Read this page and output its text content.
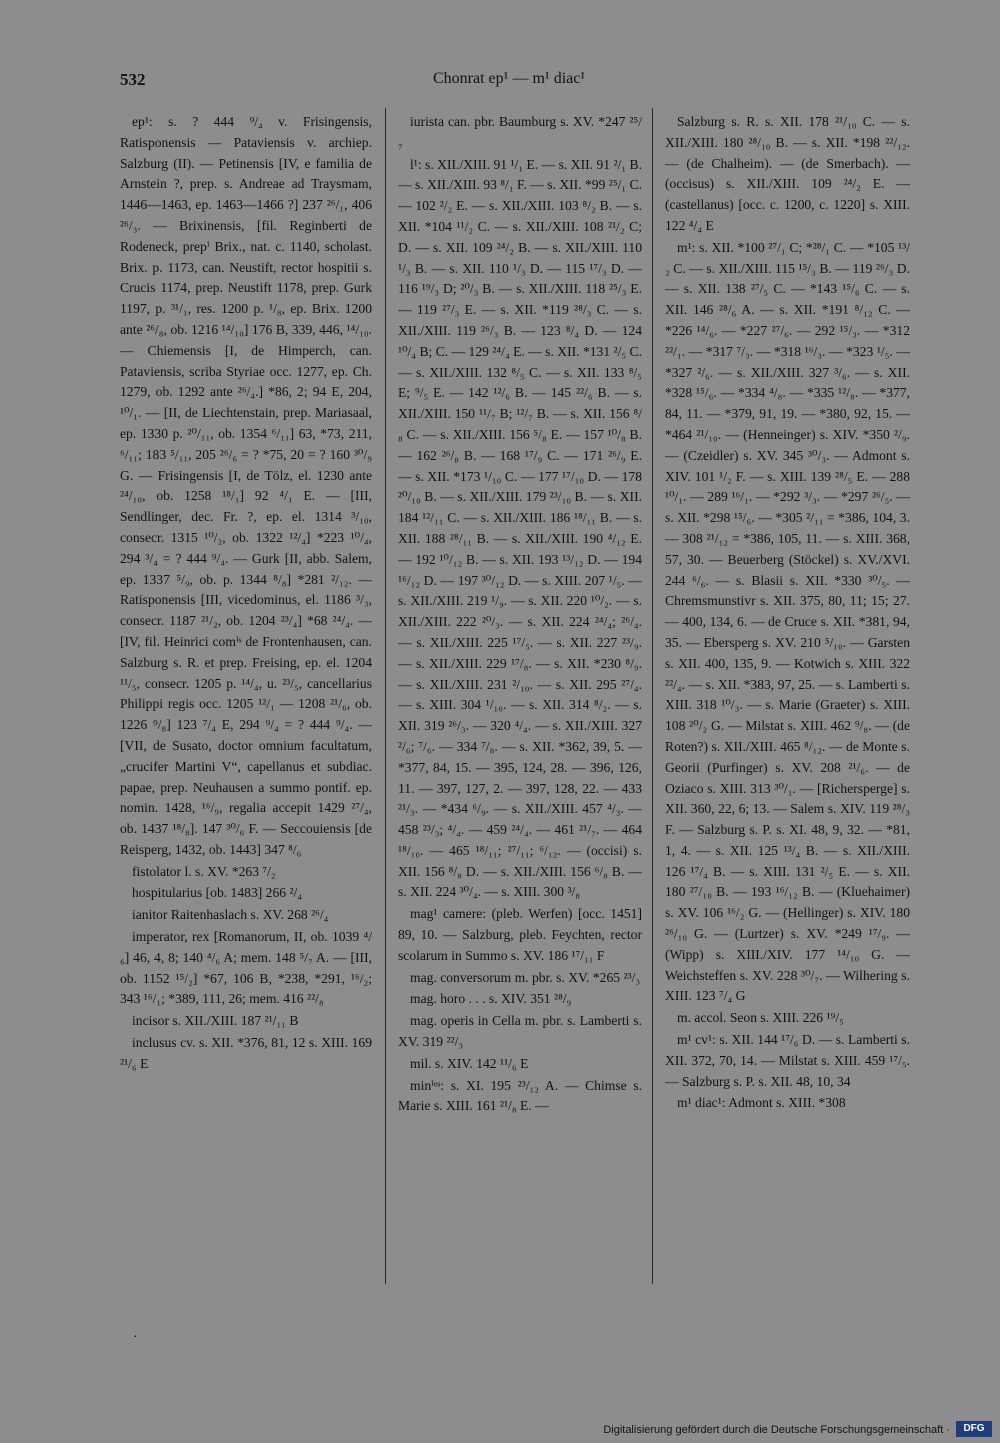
532	Chonrat ep¹ — m¹ diac¹

ep¹: s. ? 444 ⁹/₄ v. Frisingensis, Ratisponensis — Pataviensis v. archiep. Salzburg (II). — Petinensis [IV, e familia de Arnstein ?, prep. s. Andreae ad Traysmam, 1446—1463, ep. 1463—1466 ?] 237 ²⁶/₁, 406 ²⁶/₃. — Brixinensis, [fil. Reginberti de Rodeneck, prepⁱ Brix., nat. c. 1140, scholast. Brix. p. 1173, can. Neustift, rector hospitii s. Crucis 1174, prep. Neustift 1178, prep. Gurk 1197, p. ³¹/₁, res. 1200 p. ¹/₈, ep. Brix. 1200 ante ²⁶/₈, ob. 1216 ¹⁴/₁₀] 176 B, 339, 446, ¹⁴/₁₀. — Chiemensis [I, de Himperch, can. Pataviensis, scriba Styriae occ. 1277, ep. Ch. 1279, ob. 1292 ante ²⁶/₄.] *86, 2; 94 E, 204, ¹⁰/₁. — [II, de Liechtenstain, prep. Mariasaal, ep. 1330 p. ²⁰/₁₁, ob. 1354 ⁶/₁₁] 63, *73, 211, ⁶/₁₁; 183 ⁵/₁₁, 205 ²⁶/₆ = ? *75, 20 = ? 160 ³⁰/₉ G. — Frisingensis [I, de Tölz, el. 1230 ante ²⁴/₁₀, ob. 1258 ¹⁸/₁] 92 ⁴/₁ E. — [III, Sendlinger, dec. Fr. ?, ep. el. 1314 ³/₁₀, consecr. 1315 ¹⁰/₂, ob. 1322 ¹²/₄] *223 ¹⁰/₄, 294 ³/₄ = ? 444 ⁹/₄. — Gurk [II, abb. Salem, ep. 1337 ⁵/₉, ob. p. 1344 ⁸/₈] *281 ²/₁₂. — Ratisponensis [III, vicedominus, el. 1186 ³/₃, consecr. 1187 ²¹/₂, ob. 1204 ²³/₄] *68 ²⁴/₄. — [IV, fil. Heinrici comⁱˢ de Frontenhausen, can. Salzburg s. R. et prep. Freising, ep. el. 1204 ¹¹/₅, consecr. 1205 p. ¹⁴/₄, u. ²³/₅, cancellarius Philippi regis occ. 1205 ¹²/₁ — 1208 ²¹/₆, ob. 1226 ⁹/₈] 123 ⁷/₄ E, 294 ⁹/₄ = ? 444 ⁹/₄. — [VII, de Susato, doctor omnium facultatum, „crucifer Martini V“, capellanus et subdiac. papae, prep. Neuhausen a summo pontif. ep. nomin. 1428, ¹⁶/₉, regalia accepit 1429 ²⁷/₄, ob. 1437 ¹⁸/₈]. 147 ³⁰/₆ F. — Seccouiensis [de Reisperg, 1432, ob. 1443] 347 ⁸/₆

fistolator l. s. XV. *263 ⁷/₂

hospitularius [ob. 1483] 266 ²/₄

ianitor Raitenhaslach s. XV. 268 ²⁶/₄

imperator, rex [Romanorum, II, ob. 1039 ⁴/₆] 46, 4, 8; 140 ⁴/₆ A; mem. 148 ⁵/₇ A. — [III, ob. 1152 ¹⁵/₂] *67, 106 B, *238, *291, ¹⁶/₂; 343 ¹⁶/₁; *389, 111, 26; mem. 416 ²²/₈

incisor s. XII./XIII. 187 ²¹/₁₁ B

inclusus cv. s. XII. *376, 81, 12 s. XIII. 169 ²¹/₆ E

iurista can. pbr. Baumburg s. XV. *247 ²⁵/₇

l¹: s. XII./XIII. 91 ¹/₁ E. — s. XII. 91 ²/₁ B. — s. XII./XIII. 93 ⁸/₁ F. — s. XII. *99 ²⁵/₁ C. — 102 ²/₂ E. — s. XII./XIII. 103 ⁸/₂ B. — s. XII. *104 ¹¹/₂ C. — s. XII./XIII. 108 ²¹/₂ C; D. — s. XII. 109 ²⁴/₂ B. — s. XII./XIII. 110 ¹/₃ B. — s. XII. 110 ¹/₃ D. — 115 ¹⁷/₃ D. — 116 ¹⁹/₃ D; ²⁰/₃ B. — s. XII./XIII. 118 ²⁵/₃ E. — 119 ²⁷/₃ E. — s. XII. *119 ²⁸/₃ C. — s. XII./XIII. 119 ²⁶/₃ B. — 123 ⁸/₄ D. — 124 ¹⁰/₄ B; C. — 129 ²⁴/₄ E. — s. XII. *131 ²/₅ C. — s. XII./XIII. 132 ⁸/₅ C. — s. XII. 133 ⁸/₅ E; ⁹/₅ E. — 142 ¹²/₆ B. — 145 ²²/₆ B. — s. XII./XIII. 150 ¹¹/₇ B; ¹²/₇ B. — s. XII. 156 ⁸/₈ C. — s. XII./XIII. 156 ⁵/₈ E. — 157 ¹⁰/₈ B. — 162 ²⁶/₈ B. — 168 ¹⁷/₉ C. — 171 ²⁶/₉ E. — s. XII. *173 ¹/₁₀ C. — 177 ¹⁷/₁₀ D. — 178 ²⁰/₁₀ B. — s. XII./XIII. 179 ²³/₁₀ B. — s. XII. 184 ¹²/₁₁ C. — s. XII./XIII. 186 ¹⁸/₁₁ B. — s. XII. 188 ²⁸/₁₁ B. — s. XII./XIII. 190 ⁴/₁₂ E. — 192 ¹⁰/₁₂ B. — s. XII. 193 ¹³/₁₂ D. — 194 ¹⁶/₁₂ D. — 197 ³⁰/₁₂ D. — s. XIII. 207 ¹/₅. — s. XII./XIII. 219 ¹/₉. — s. XII. 220 ¹⁰/₂. — s. XII./XIII. 222 ²⁰/₃. — s. XII. 224 ²⁴/₄; ²⁶/₄. — s. XII./XIII. 225 ¹⁷/₅. — s. XII. 227 ²³/₉. — s. XII./XIII. 229 ¹⁷/₈. — s. XII. *230 ⁸/₉. — s. XII./XIII. 231 ²/₁₀. — s. XII. 295 ²⁷/₄. — s. XIII. 304 ¹/₁₀. — s. XII. 314 ⁸/₂. — s. XII. 319 ²⁶/₃. — 320 ⁴/₄. — s. XII./XIII. 327 ²/₆; ⁷/₆. — 334 ⁷/₈. — s. XII. *362, 39, 5. — *377, 84, 15. — 395, 124, 28. — 396, 126, 11. — 397, 127, 2. — 397, 128, 22. — 433 ²¹/₃. — *434 ⁶/₉. — s. XII./XIII. 457 ⁴/₃. — 458 ²³/₃; ⁴/₄. — 459 ²⁴/₄. — 461 ²¹/₇. — 464 ¹⁸/₁₀. — 465 ¹⁸/₁₁; ²⁷/₁₁; ⁶/₁₂. — (occisi) s. XII. 156 ⁸/₈ D. — s. XII./XIII. 156 ⁶/₈ B. — s. XII. 224 ³⁰/₄. — s. XIII. 300 ³/₈

mag¹ camere: (pleb. Werfen) [occ. 1451] 89, 10. — Salzburg, pleb. Feychten, rector scolarum in Summo s. XV. 186 ¹⁷/₁₁ F

mag. conversorum m. pbr. s. XV. *265 ²³/₃

mag. horo . . . s. XIV. 351 ²⁸/₉

mag. operis in Cella m. pbr. s. Lamberti s. XV. 319 ²²/₃

mil. s. XIV. 142 ¹¹/₆ E

minⁱᵉˢ: s. XI. 195 ²³/₁₂ A. — Chimse s. Marie s. XIII. 161 ²¹/₈ E. —

Salzburg s. R. s. XII. 178 ²¹/₁₀ C. — s. XII./XIII. 180 ²⁸/₁₀ B. — s. XII. *198 ²²/₁₂. — (de Chalheim). — (de Smerbach). — (occisus) s. XII./XIII. 109 ²⁴/₂ E. — (castellanus) [occ. c. 1200, c. 1220] s. XIII. 122 ⁴/₄ E

m¹: s. XII. *100 ²⁷/₁ C; *²⁸/₁ C. — *105 ¹³/₂ C. — s. XII./XIII. 115 ¹⁵/₃ B. — 119 ²⁶/₃ D. — s. XII. 138 ²⁷/₅ C. — *143 ¹⁵/₆ C. — s. XII. 146 ²⁸/₆ A. — s. XII. *191 ⁸/₁₂ C. — *226 ¹⁴/₆. — *227 ²⁷/₆. — 292 ¹⁵/₃. — *312 ²²/₁. — *317 ⁷/₃. — *318 ¹⁶/₃. — *323 ¹/₅. — *327 ²/₆. — s. XII./XIII. 327 ³/₆. — s. XII. *328 ¹⁵/₆. — *334 ⁴/₈. — *335 ¹²/₈. — *377, 84, 11. — *379, 91, 19. — *380, 92, 15. — *464 ²¹/₁₀. — (Henneinger) s. XIV. *350 ²/₉. — (Czeidler) s. XV. 345 ³⁰/₃. — Admont s. XIV. 101 ¹/₂ F. — s. XIII. 139 ²⁸/₅ E. — 288 ¹⁰/₁. — 289 ¹⁶/₁. — *292 ³/₃. — *297 ²⁶/₅. — s. XII. *298 ¹⁵/₆. — *305 ²/₁₁ = *386, 104, 3. — 308 ²¹/₁₂ = *386, 105, 11. — s. XIII. 368, 57, 30. — Beuerberg (Stöckel) s. XV./XVI. 244 ⁶/₆. — s. Blasii s. XII. *330 ³⁰/₅. — Chremsmunstivr s. XII. 375, 80, 11; 15; 27. — 400, 134, 6. — de Cruce s. XII. *381, 94, 35. — Ebersperg s. XV. 210 ⁵/₁₀. — Garsten s. XII. 400, 135, 9. — Kotwich s. XIII. 322 ²²/₄. — s. XII. *383, 97, 25. — s. Lamberti s. XIII. 318 ¹⁰/₃. — s. Marie (Graeter) s. XIII. 108 ²⁰/₂ G. — Milstat s. XIII. 462 ⁹/₈. — (de Roten?) s. XII./XIII. 465 ⁸/₁₂. — de Monte s. Georii (Purfinger) s. XV. 208 ²¹/₆. — de Oziaco s. XIII. 313 ³⁰/₁. — [Richersperge] s. XII. 360, 22, 6; 13. — Salem s. XIV. 119 ²⁸/₃ F. — Salzburg s. P. s. XI. 48, 9, 32. — *81, 1, 4. — s. XII. 125 ¹³/₄ B. — s. XII./XIII. 126 ¹⁷/₄ B. — s. XIII. 131 ²/₅ E. — s. XII. 180 ²⁷/₁₀ B. — 193 ¹⁶/₁₂ B. — (Kluehaimer) s. XV. 106 ¹⁶/₂ G. — (Hellinger) s. XIV. 180 ²⁶/₁₀ G. — (Lurtzer) s. XV. *249 ¹⁷/₉. — (Wipp) s. XIII./XIV. 177 ¹⁴/₁₀ G. — Weichsteffen s. XV. 228 ³⁰/₇. — Wilhering s. XIII. 123 ⁷/₄ G

m. accol. Seon s. XIII. 226 ¹⁹/₅

m¹ cv¹: s. XII. 144 ¹⁷/₆ D. — s. Lamberti s. XII. 372, 70, 14. — Milstat s. XIII. 459 ¹⁷/₅. — Salzburg s. P. s. XII. 48, 10, 34

m¹ diac¹: Admont s. XIII. *308

·
Digitalisierung gefördert durch die Deutsche Forschungsgemeinschaft ·	DFG
